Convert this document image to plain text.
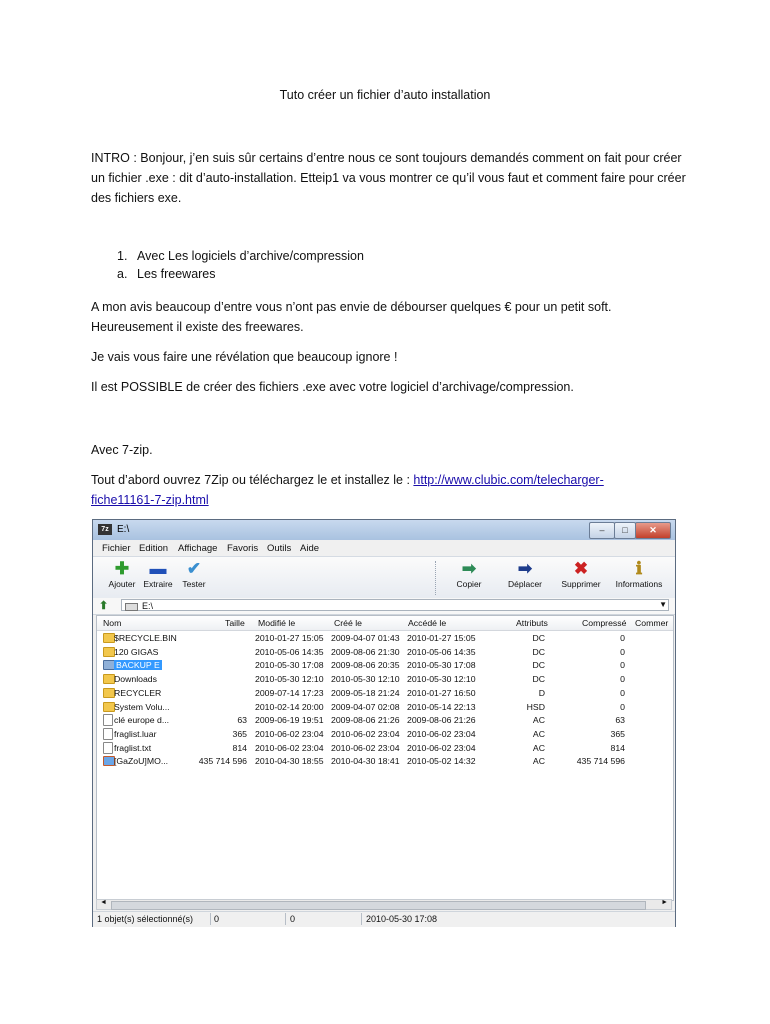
Tuto créer un fichier d’auto installation
INTRO : Bonjour, j’en suis sûr certains d’entre nous ce sont toujours demandés comment on fait pour créer un fichier .exe : dit d’auto-installation. Etteip1 va vous montrer ce qu’il vous faut et comment faire pour créer des fichiers exe.
1. Avec Les logiciels d’archive/compression
a. Les freewares
A mon avis beaucoup d’entre vous n’ont pas envie de débourser quelques € pour un petit soft. Heureusement il existe des freewares.
Je vais vous faire une révélation que beaucoup ignore !
Il est POSSIBLE de créer des fichiers .exe avec votre logiciel d’archivage/compression.
Avec 7-zip.
Tout d’abord ouvrez 7Zip ou téléchargez le et installez le : http://www.clubic.com/telecharger-fiche11161-7-zip.html
7z E:\	–	□	✕
Fichier Edition Affichage Favoris Outils Aide
✚
Ajouter
▬
Extraire
✔
Tester
➡
Copier
➡
Déplacer
✖
Supprimer
ℹ
Informations
⬆	E:\	▼
Nom	Taille Modifié le	Créé le	Accédé le	Attributs	Compressé Commer
$RECYCLE.BIN	2010-01-27 15:05 2009-04-07 01:43 2010-01-27 15:05	DC	0
120 GIGAS	2010-05-06 14:35 2009-08-06 21:30 2010-05-06 14:35	DC	0
BACKUP E	2010-05-30 17:08 2009-08-06 20:35 2010-05-30 17:08	DC	0
Downloads	2010-05-30 12:10 2010-05-30 12:10 2010-05-30 12:10	DC	0
RECYCLER	2009-07-14 17:23 2009-05-18 21:24 2010-01-27 16:50	D	0
System Volu...	2010-02-14 20:00 2009-04-07 02:08 2010-05-14 22:13	HSD	0
clé europe d...	63 2009-06-19 19:51 2009-08-06 21:26 2009-08-06 21:26	AC	63
fraglist.luar	365 2010-06-02 23:04 2010-06-02 23:04 2010-06-02 23:04	AC	365
fraglist.txt	814 2010-06-02 23:04 2010-06-02 23:04 2010-06-02 23:04	AC	814
[GaZoU]MO...	435 714 596 2010-04-30 18:55 2010-04-30 18:41 2010-05-02 14:32	AC	435 714 596
◄	►
1 objet(s) sélectionné(s) 0	0	2010-05-30 17:08
